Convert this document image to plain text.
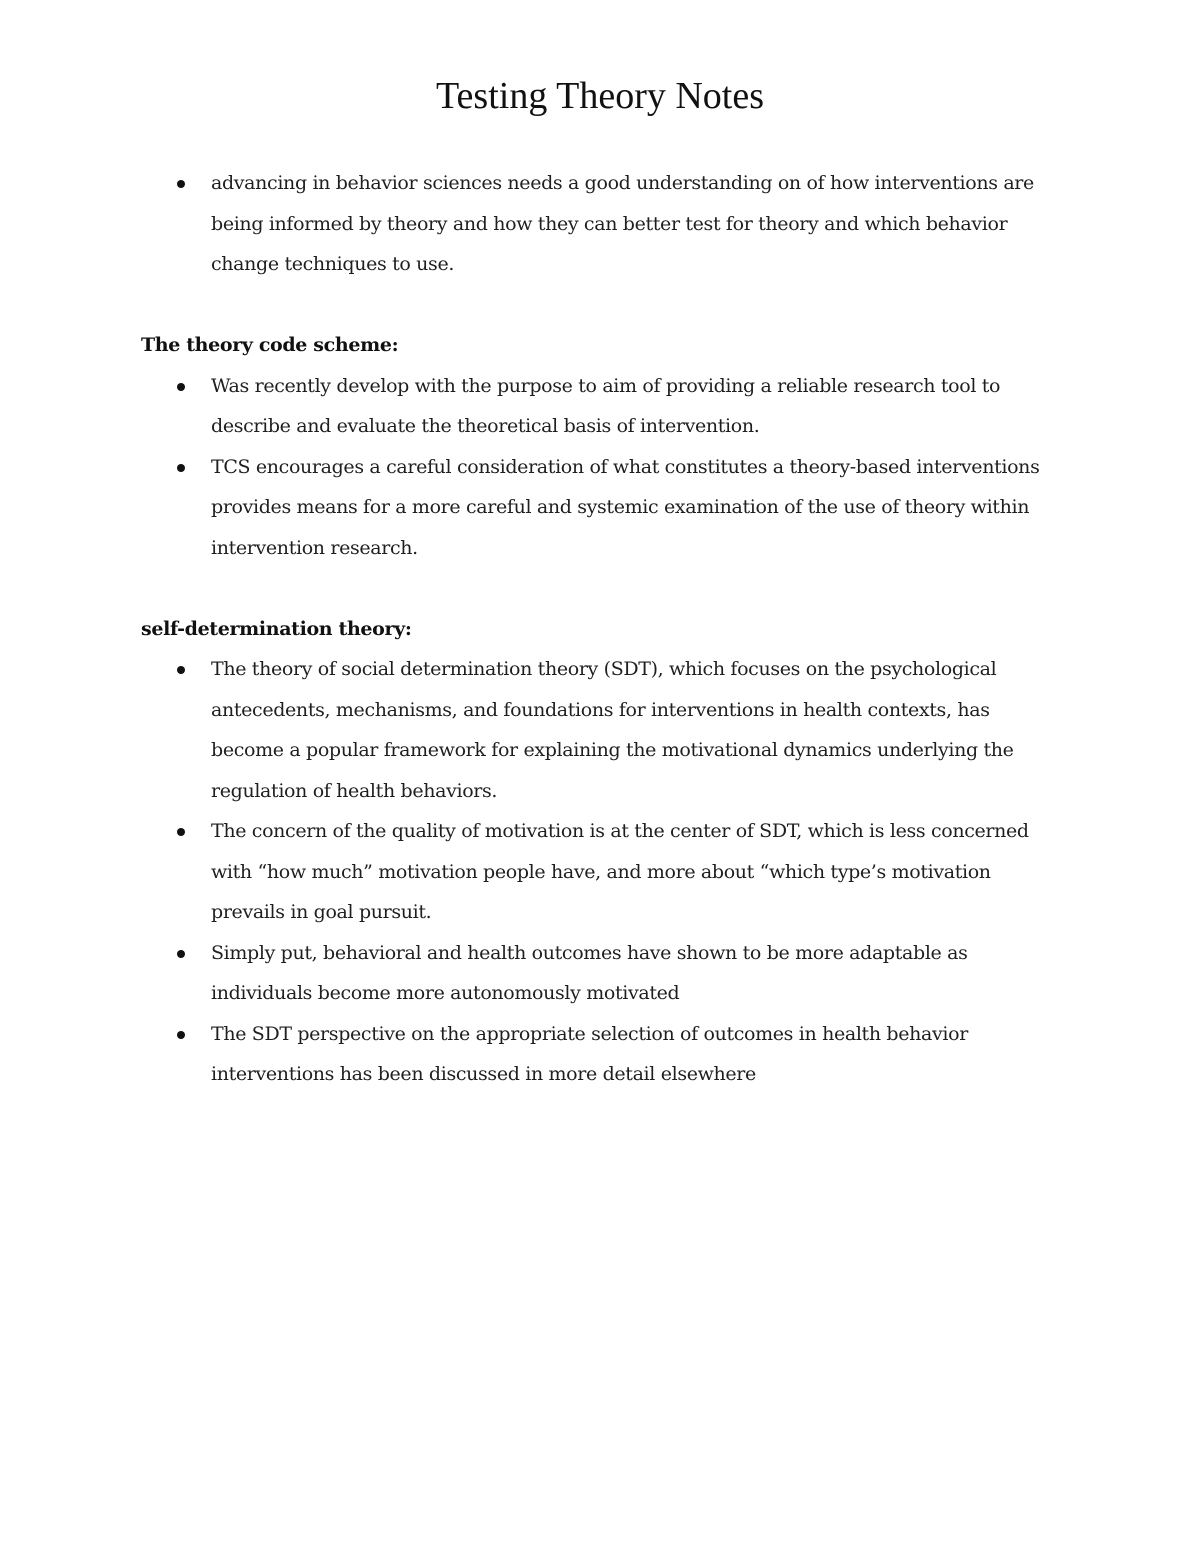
Testing Theory Notes
advancing in behavior sciences needs a good understanding on of how interventions are being informed by theory and how they can better test for theory and which behavior change techniques to use.
The theory code scheme:
Was recently develop with the purpose to aim of providing a reliable research tool to describe and evaluate the theoretical basis of intervention.
TCS encourages a careful consideration of what constitutes a theory-based interventions provides means for a more careful and systemic examination of the use of theory within intervention research.
self-determination theory:
The theory of social determination theory (SDT), which focuses on the psychological antecedents, mechanisms, and foundations for interventions in health contexts, has become a popular framework for explaining the motivational dynamics underlying the regulation of health behaviors.
The concern of the quality of motivation is at the center of SDT, which is less concerned with “how much” motivation people have, and more about “which type’s motivation prevails in goal pursuit.
Simply put, behavioral and health outcomes have shown to be more adaptable as individuals become more autonomously motivated
The SDT perspective on the appropriate selection of outcomes in health behavior interventions has been discussed in more detail elsewhere
